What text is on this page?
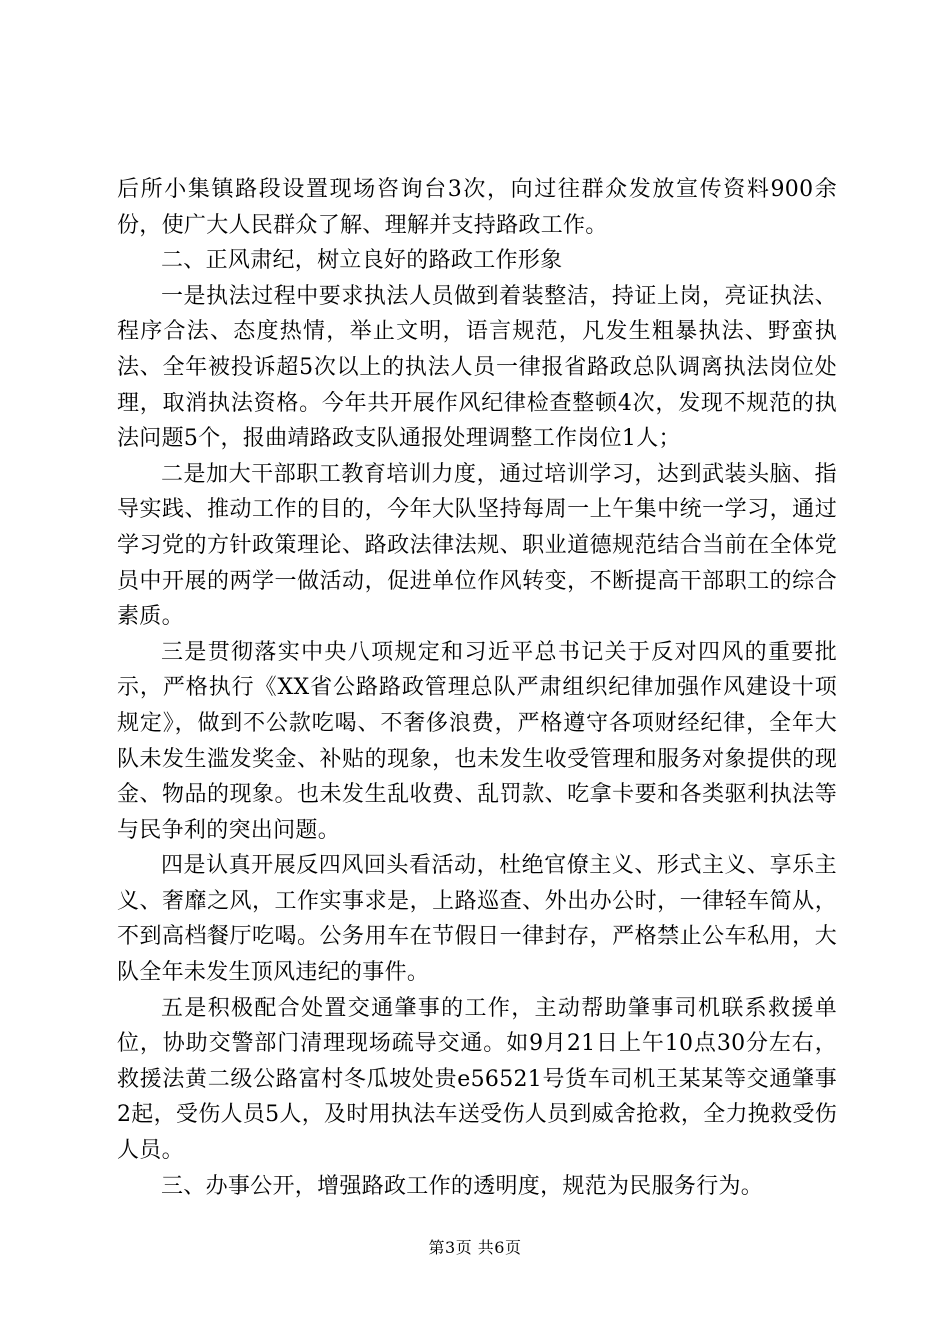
后所小集镇路段设置现场咨询台3次，向过往群众发放宣传资料900余份，使广大人民群众了解、理解并支持路政工作。

二、正风肃纪，树立良好的路政工作形象

一是执法过程中要求执法人员做到着装整洁，持证上岗，亮证执法、程序合法、态度热情，举止文明，语言规范，凡发生粗暴执法、野蛮执法、全年被投诉超5次以上的执法人员一律报省路政总队调离执法岗位处理，取消执法资格。今年共开展作风纪律检查整顿4次，发现不规范的执法问题5个，报曲靖路政支队通报处理调整工作岗位1人；

二是加大干部职工教育培训力度，通过培训学习，达到武装头脑、指导实践、推动工作的目的，今年大队坚持每周一上午集中统一学习，通过学习党的方针政策理论、路政法律法规、职业道德规范结合当前在全体党员中开展的两学一做活动，促进单位作风转变，不断提高干部职工的综合素质。

三是贯彻落实中央八项规定和习近平总书记关于反对四风的重要批示，严格执行《XX省公路路政管理总队严肃组织纪律加强作风建设十项规定》，做到不公款吃喝、不奢侈浪费，严格遵守各项财经纪律，全年大队未发生滥发奖金、补贴的现象，也未发生收受管理和服务对象提供的现金、物品的现象。也未发生乱收费、乱罚款、吃拿卡要和各类驱利执法等与民争利的突出问题。

四是认真开展反四风回头看活动，杜绝官僚主义、形式主义、享乐主义、奢靡之风，工作实事求是，上路巡查、外出办公时，一律轻车简从，不到高档餐厅吃喝。公务用车在节假日一律封存，严格禁止公车私用，大队全年未发生顶风违纪的事件。

五是积极配合处置交通肇事的工作，主动帮助肇事司机联系救援单位，协助交警部门清理现场疏导交通。如9月21日上午10点30分左右，救援法黄二级公路富村冬瓜坡处贵e56521号货车司机王某某等交通肇事2起，受伤人员5人，及时用执法车送受伤人员到威舍抢救，全力挽救受伤人员。

三、办事公开，增强路政工作的透明度，规范为民服务行为。

第3页 共6页
